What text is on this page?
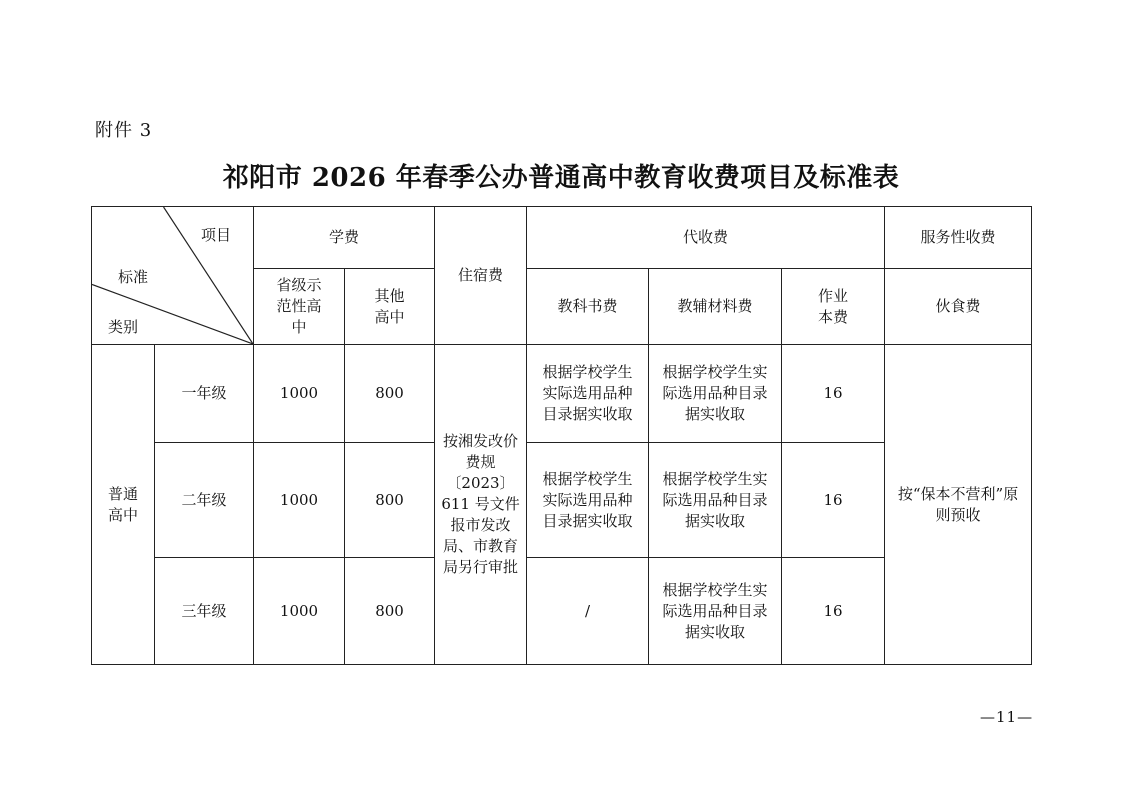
附件 3
祁阳市 2026 年春季公办普通高中教育收费项目及标准表
项目
标准
类别		学费		住宿费	代收费			服务性收费
		省级示范性高中	其他高中		教科书费	教辅材料费	作业本费	伙食费
普通高中	一年级	1000	800	按湘发改价费规〔2023〕611 号文件报市发改局、市教育局另行审批	根据学校学生实际选用品种目录据实收取	根据学校学生实际选用品种目录据实收取	16	按“保本不营利”原则预收
	二年级	1000	800		根据学校学生实际选用品种目录据实收取	根据学校学生实际选用品种目录据实收取	16	
	三年级	1000	800		/	根据学校学生实际选用品种目录据实收取	16	
—11—
